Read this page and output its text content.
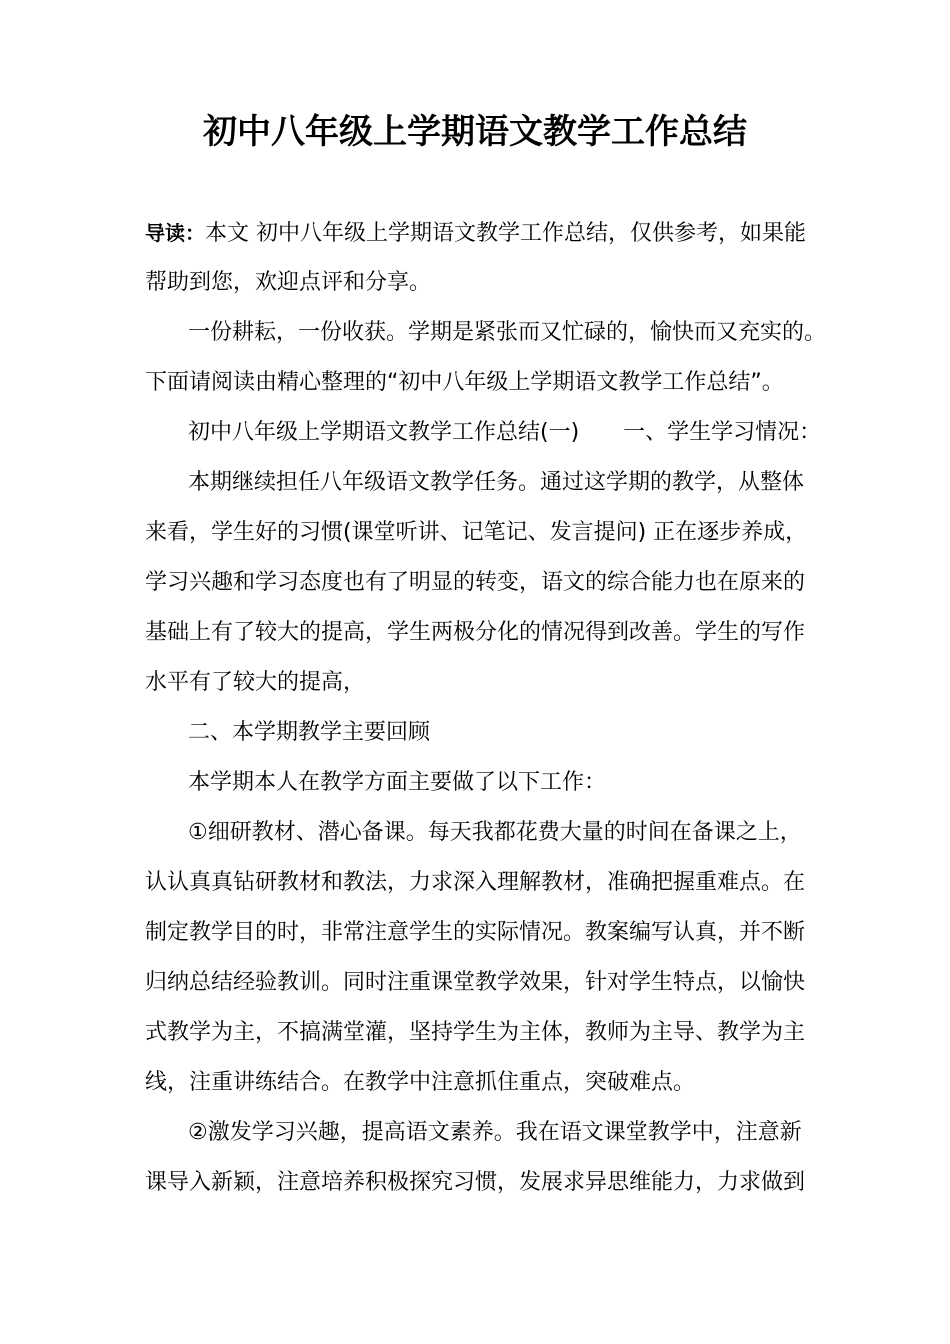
初中八年级上学期语文教学工作总结
导读：本文 初中八年级上学期语文教学工作总结，仅供参考，如果能
帮助到您，欢迎点评和分享。
一份耕耘，一份收获。学期是紧张而又忙碌的，愉快而又充实的。
下面请阅读由精心整理的“初中八年级上学期语文教学工作总结”。
初中八年级上学期语文教学工作总结(一)　　一、学生学习情况：
本期继续担任八年级语文教学任务。通过这学期的教学，从整体
来看，学生好的习惯(课堂听讲、记笔记、发言提问) 正在逐步养成，
学习兴趣和学习态度也有了明显的转变，语文的综合能力也在原来的
基础上有了较大的提高，学生两极分化的情况得到改善。学生的写作
水平有了较大的提高，
二、本学期教学主要回顾
本学期本人在教学方面主要做了以下工作：
①细研教材、潜心备课。每天我都花费大量的时间在备课之上，
认认真真钻研教材和教法，力求深入理解教材，准确把握重难点。在
制定教学目的时，非常注意学生的实际情况。教案编写认真，并不断
归纳总结经验教训。同时注重课堂教学效果，针对学生特点，以愉快
式教学为主，不搞满堂灌，坚持学生为主体，教师为主导、教学为主
线，注重讲练结合。在教学中注意抓住重点，突破难点。
②激发学习兴趣，提高语文素养。我在语文课堂教学中，注意新
课导入新颖，注意培养积极探究习惯，发展求异思维能力，力求做到
